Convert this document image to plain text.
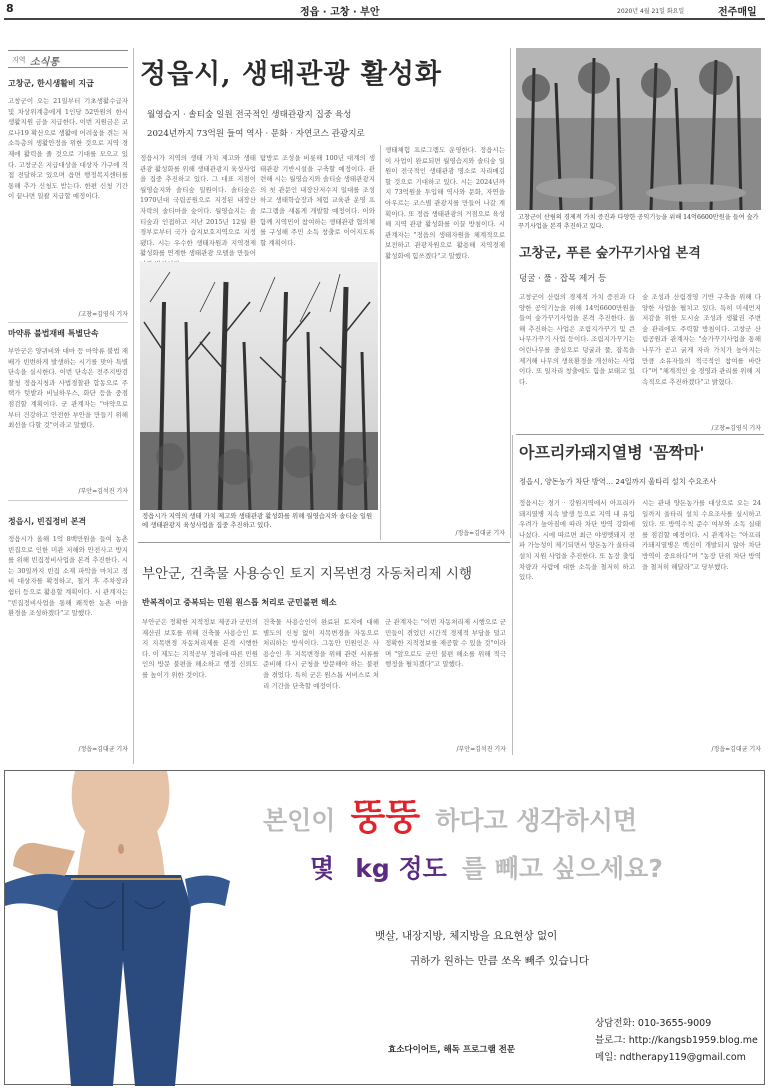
8	정읍 · 고창 · 부안	2020년 4월 21일 화요일	전주매일
지역 소식통
고창군, 한시생활비 지급
고창군이 오는 21일부터 기초생활수급자 및 차상위계층에게 1인당 52만원의 한시생활지원 금을 지급한다. 이번 지원금은 코로나19 확산으로 생활에 어려움을 겪는 저소득층의 생활안정을 위한 것으로 지역 경제에 활력을 줄 것으로 기대를 모으고 있다. 고창군은 지급대상을 대상자 가구에 직접 전달하고 있으며 읍면 행정복지센터를 통해 추가 신청도 받는다. 한편 신청 기간이 끝나면 일괄 지급할 예정이다.
/고창=김영식 기자
마약류 불법재배 특별단속
부안군은 양귀비와 대마 등 마약류 불법 재배가 빈번하게 발생하는 시기를 맞아 특별단속을 실시한다. 이번 단속은 전주지방검찰청 정읍지청과 사법경찰관 합동으로 주택가 텃밭과 비닐하우스, 화단 등을 중점 점검할 계획이다. 군 관계자는 "마약으로부터 건강하고 안전한 부안을 만들기 위해 최선을 다할 것"이라고 말했다.
/부안=김석진 기자
정읍시, 빈집정비 본격
정읍시가 올해 1억 8백만원을 들여 농촌 빈집으로 인한 미관 저해와 안전사고 방지를 위해 빈집정비사업을 본격 추진한다. 시는 30일까지 빈집 소재 파악을 마치고 정비 대상자를 확정하고, 철거 후 주차장과 쉼터 등으로 활용할 계획이다. 시 관계자는 "빈집정비사업을 통해 쾌적한 농촌 마을 환경을 조성하겠다"고 말했다.
/정읍=김대균 기자
정읍시, 생태관광 활성화
월영습지 · 솔티숲 일원 전국적인 생태관광지 집중 육성
2024년까지 73억원 들여 역사 · 문화 · 자연코스 관광지로
정읍시가 지역의 생태 가치 제고와 생태관광 활성화를 위해 생태관광지 육성사업을 집중 추진하고 있다. 그 대표 지점이 월영습지와 솔티숲 일원이다. 솔티숲은 1970년대 국립공원으로 지정된 내장산 자락의 솔티마을 숲이다. 월영습지는 솔티숲과 인접하고 지난 2015년 12월 환경부로부터 국가 습지보호지역으로 지정됐다. 시는 우수한 생태자원과 지역경제 활성화를 연계한 생태관광 모델을 만들어
탐방로 조성을 비롯해 100년 대계의 생태관광 기반시설을 구축할 예정이다. 관련해 시는 월영습지와 솔티숲 생태관광지의 첫 관문인 내장산저수지 일대를 조성하고 생태학습장과 체험 교육관 운영 프로그램을 새롭게 개발할 예정이다. 이와 함께 지역민이 참여하는 생태관광 협의체를 구성해 주민 소득 창출로 이어지도록 할 계획이다.
정읍시가 지역의 생태 가치 제고와 생태관광 활성화를 위해 월영습지와 솔티숲 일원에 생태관광지 육성사업을 집중 추진하고 있다.
생태체험 프로그램도 운영한다. 정읍시는 이 사업이 완료되면 월영습지와 솔티숲 일원이 전국적인 생태관광 명소로 자리매김할 것으로 기대하고 있다. 시는 2024년까지 73억원을 투입해 역사와 문화, 자연을 아우르는 코스별 관광지를 만들어 나갈 계획이다. 또 정읍 생태관광의 거점으로 육성해 지역 관광 활성화를 이끌 방침이다. 시 관계자는 "정읍의 생태자원을 체계적으로 보전하고 관광자원으로 활용해 지역경제 활성화에 힘쓰겠다"고 말했다.
/정읍=김대균 기자
고창군이 산림의 경제적 가치 증진과 다양한 공익기능을 위해 14억6600만원을 들여 숲가꾸기사업을 본격 추진하고 있다.
고창군, 푸른 숲가꾸기사업 본격
덩굴 · 풀 · 잡목 제거 등
고창군이 산림의 경제적 가치 증진과 다양한 공익기능을 위해 14억6600만원을 들여 숲가꾸기사업을 본격 추진한다. 올해 추진하는 사업은 조림지가꾸기 및 큰나무가꾸기 사업 등이다. 조림지가꾸기는 어린나무를 중심으로 덩굴과 풀, 잡목을 제거해 나무의 생육환경을 개선하는 사업이다. 또 일자리 창출에도 힘을 보태고 있다.
숲 조성과 산림경영 기반 구축을 위해 다양한 사업을 펼치고 있다. 특히 미세먼지 저감을 위한 도시숲 조성과 생활권 주변 숲 관리에도 주력할 방침이다. 고창군 산림공원과 관계자는 "숲가꾸기사업을 통해 나무가 곧고 굵게 자라 가치가 높아지는 만큼 소유자들의 적극적인 참여를 바란다"며 "체계적인 숲 경영과 관리를 위해 지속적으로 추진하겠다"고 밝혔다.
/고창=김영식 기자
아프리카돼지열병 '꼼짝마'
정읍시, 양돈농가 차단 방역… 24일까지 울타리 설치 수요조사
정읍시는 경기 · 강원지역에서 아프리카돼지열병 지속 발생 등으로 지역 내 유입 우려가 높아짐에 따라 차단 방역 강화에 나섰다. 시에 따르면 최근 야생멧돼지 전 파 가능성이 제기되면서 양돈농가 울타리 설치 지원 사업을 추진한다. 또 농장 출입 차량과 사람에 대한 소독을 철저히 하고 있다.
시는 관내 양돈농가를 대상으로 오는 24일까지 울타리 설치 수요조사를 실시하고 있다. 또 방역수칙 준수 여부와 소독 실태를 점검할 예정이다. 시 관계자는 "아프리카돼지열병은 백신이 개발되지 않아 차단 방역이 중요하다"며 "농장 단위 차단 방역을 철저히 해달라"고 당부했다.
/정읍=김대균 기자
부안군, 건축물 사용승인 토지 지목변경 자동처리제 시행
반복적이고 중복되는 민원 원스톱 처리로 군민불편 해소
부안군은 정확한 지적정보 제공과 군민의 재산권 보호를 위해 건축물 사용승인 토지 지목변경 자동처리제를 본격 시행한다. 이 제도는 지적공부 정리에 따른 민원인의 방문 불편을 해소하고 행정 신뢰도를 높이기 위한 것이다.
건축물 사용승인이 완료된 토지에 대해 별도의 신청 없이 지목변경을 자동으로 처리하는 방식이다. 그동안 민원인은 사용승인 후 지목변경을 위해 관련 서류를 준비해 다시 군청을 방문해야 하는 불편을 겪었다. 특히 군은 원스톱 서비스로 처리 기간을 단축할 예정이다.
군 관계자는 "이번 자동처리제 시행으로 군민들이 겪었던 시간적 경제적 부담을 덜고 정확한 지적정보를 제공할 수 있을 것"이라며 "앞으로도 군민 불편 해소를 위해 적극 행정을 펼치겠다"고 말했다.
/부안=김석진 기자
본인이 뚱뚱 하다고 생각하시면
몇 kg 정도 를 빼고 싶으세요?
뱃살, 내장지방, 체지방을 요요현상 없이
귀하가 원하는 만큼 쏘옥 빼주 있습니다
효소다이어트, 해독 프로그램 전문
상담전화: 010-3655-9009
블로그: http://kangsb1959.blog.me
메일: ndtherapy119@gmail.com
